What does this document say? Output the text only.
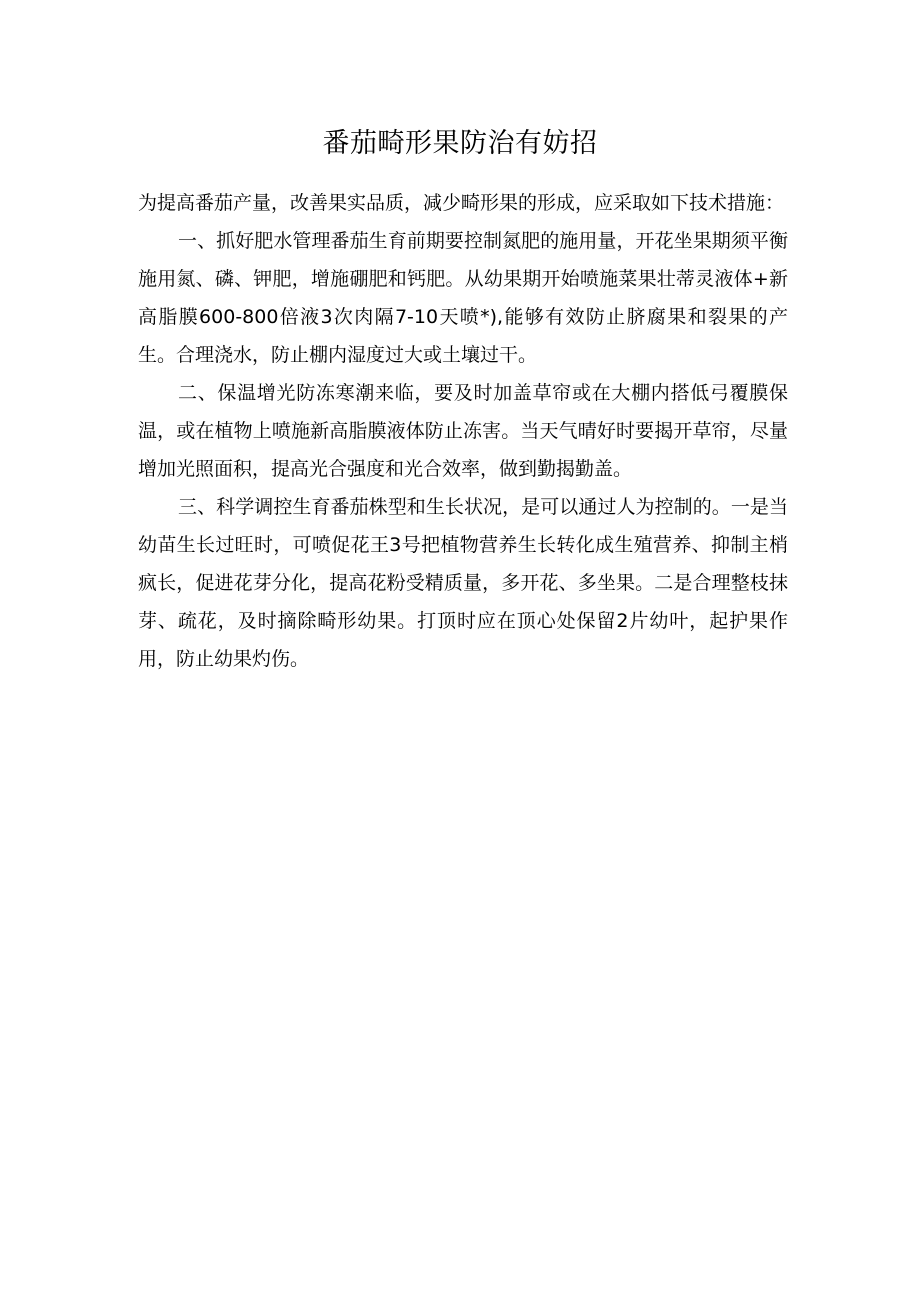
番茄畸形果防治有妨招

为提高番茄产量，改善果实品质，减少畸形果的形成，应采取如下技术措施：

一、抓好肥水管理番茄生育前期要控制氮肥的施用量，开花坐果期须平衡施用氮、磷、钾肥，增施硼肥和钙肥。从幼果期开始喷施菜果壮蒂灵液体+新高脂膜600-800倍液3次肉隔7-10天喷*),能够有效防止脐腐果和裂果的产生。合理浇水，防止棚内湿度过大或土壤过干。

二、保温增光防冻寒潮来临，要及时加盖草帘或在大棚内搭低弓覆膜保温，或在植物上喷施新高脂膜液体防止冻害。当天气晴好时要揭开草帘，尽量增加光照面积，提高光合强度和光合效率，做到勤揭勤盖。

三、科学调控生育番茄株型和生长状况，是可以通过人为控制的。一是当幼苗生长过旺时，可喷促花王3号把植物营养生长转化成生殖营养、抑制主梢疯长，促进花芽分化，提高花粉受精质量，多开花、多坐果。二是合理整枝抹芽、疏花，及时摘除畸形幼果。打顶时应在顶心处保留2片幼叶，起护果作用，防止幼果灼伤。
